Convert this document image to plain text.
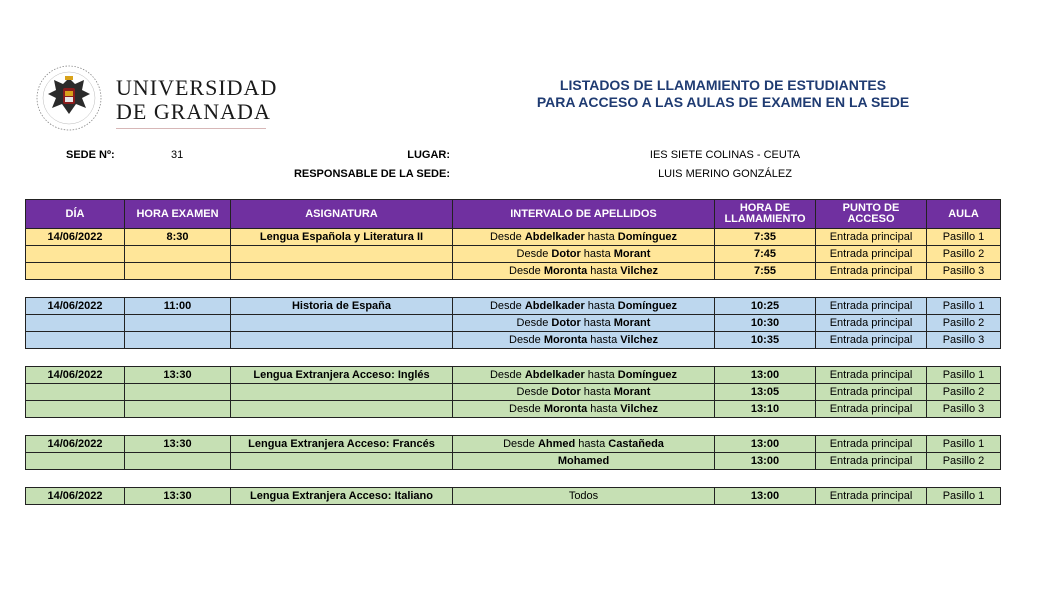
UNIVERSIDAD
DE GRANADA
LISTADOS DE LLAMAMIENTO DE ESTUDIANTES
PARA ACCESO A LAS AULAS DE EXAMEN EN LA SEDE
SEDE Nº:	31	LUGAR:	IES SIETE COLINAS - CEUTA
RESPONSABLE DE LA SEDE:	LUIS MERINO GONZÁLEZ
DÍA	HORA EXAMEN	ASIGNATURA	INTERVALO DE APELLIDOS	HORA DE LLAMAMIENTO	PUNTO DE ACCESO	AULA
14/06/2022	8:30	Lengua Española y Literatura II	Desde Abdelkader hasta Domínguez	7:35	Entrada principal	Pasillo 1
			Desde Dotor hasta Morant	7:45	Entrada principal	Pasillo 2
			Desde Moronta hasta Vilchez	7:55	Entrada principal	Pasillo 3

14/06/2022	11:00	Historia de España	Desde Abdelkader hasta Domínguez	10:25	Entrada principal	Pasillo 1
			Desde Dotor hasta Morant	10:30	Entrada principal	Pasillo 2
			Desde Moronta hasta Vilchez	10:35	Entrada principal	Pasillo 3

14/06/2022	13:30	Lengua Extranjera Acceso: Inglés	Desde Abdelkader hasta Domínguez	13:00	Entrada principal	Pasillo 1
			Desde Dotor hasta Morant	13:05	Entrada principal	Pasillo 2
			Desde Moronta hasta Vilchez	13:10	Entrada principal	Pasillo 3

14/06/2022	13:30	Lengua Extranjera Acceso: Francés	Desde Ahmed hasta Castañeda	13:00	Entrada principal	Pasillo 1
			Mohamed	13:00	Entrada principal	Pasillo 2

14/06/2022	13:30	Lengua Extranjera Acceso: Italiano	Todos	13:00	Entrada principal	Pasillo 1
